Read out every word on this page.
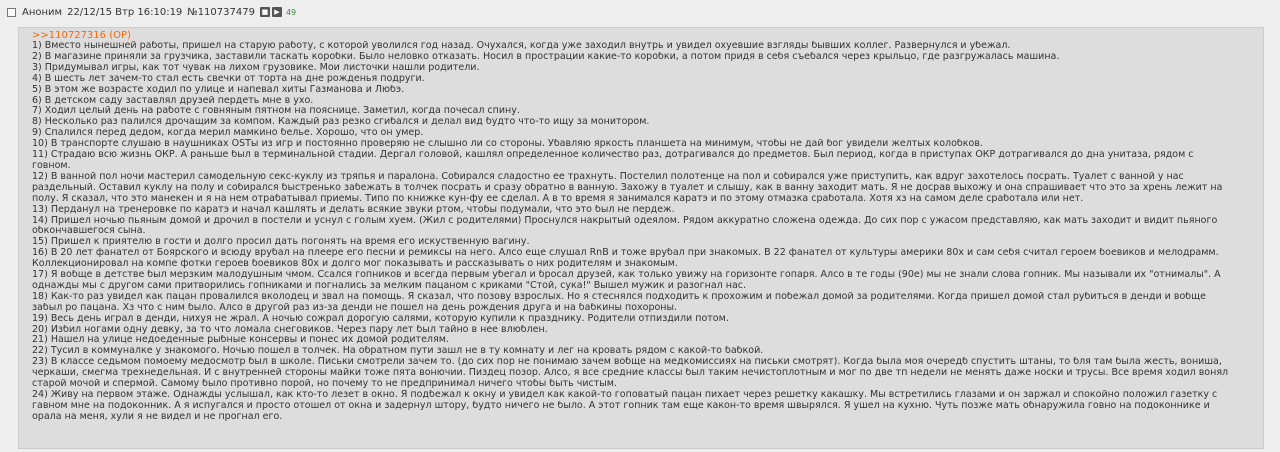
Аноним 22/12/15 Втр 16:10:19 №110737479 ■ ▶ 49
>>110727316 (OP)
1) Вместо нынешней работы, пришел на старую работу, с которой уволился год назад. Очухался, когда уже заходил внутрь и увидел охуевшие взгляды бывших коллег. Развернулся и убежал.
2) В магазине приняли за грузчика, заставили таскать коробки. Было неловко отказать. Носил в прострации какие-то коробки, а потом придя в себя съебался через крыльцо, где разгружалась машина.
3) Придумывал игры, как тот чувак на лихом грузовике. Мои листочки нашли родители.
4) В шесть лет зачем-то стал есть свечки от торта на дне рожденья подруги.
5) В этом же возрасте ходил по улице и напевал хиты Газманова и Любэ.
6) В детском саду заставлял друзей пердеть мне в ухо.
7) Ходил целый день на работе с говняным пятном на пояснице. Заметил, когда почесал спину.
8) Несколько раз палился дрочащим за компом. Каждый раз резко сгибался и делал вид будто что-то ищу за монитором.
9) Спалился перед дедом, когда мерил мамкино белье. Хорошо, что он умер.
10) В транспорте слушаю в наушниках OSTы из игр и постоянно проверяю не слышно ли со стороны. Убавляю яркость планшета на минимум, чтобы не дай бог увидели желтых колобков.
11) Страдаю всю жизнь ОКР. А раньше был в терминальной стадии. Дергал головой, кашлял определенное количество раз, дотрагивался до предметов. Был период, когда в приступах ОКР дотрагивался до дна унитаза, рядом с
говном.
12) В ванной пол ночи мастерил самодельную секс-куклу из тряпья и паралона. Собирался сладостно ее трахнуть. Постелил полотенце на пол и собирался уже приступить, как вдруг захотелось посрать. Туалет с ванной у нас
раздельный. Оставил куклу на полу и собирался быстренько забежать в толчек посрать и сразу обратно в ванную. Захожу в туалет и слышу, как в ванну заходит мать. Я не досрав выхожу и она спрашивает что это за хрень лежит на
полу. Я сказал, что это манекен и я на нем отрабатывал приемы. Типо по книжке кун-фу ее сделал. А в то время я занимался каратэ и по этому отмазка сработала. Хотя хз на самом деле сработала или нет.
13) Перданул на тренеровке по каратэ и начал кашлять и делать всякие звуки ртом, чтобы подумали, что это был не пердеж.
14) Пришел ночью пьяным домой и дрочил в постели и уснул с голым хуем. (Жил с родителями) Проснулся накрытый одеялом. Рядом аккуратно сложена одежда. До сих пор с ужасом представляю, как мать заходит и видит пьяного
обкончавшегося сына.
15) Пришел к приятелю в гости и долго просил дать погонять на время его искуственную вагину.
16) В 20 лет фанател от Боярского и всюду врубал на плеере его песни и ремиксы на него. Алсо еще слушал RnB и тоже врубал при знакомых. В 22 фанател от культуры америки 80х и сам себя считал героем боевиков и мелодрамм.
Коллекционировал на компе фотки героев боевиков 80х и долго мог показывать и рассказывать о них родителям и знакомым.
17) Я вобще в детстве был мерзким малодушным чмом. Ссался гопников и всегда первым убегал и бросал друзей, как только увижу на горизонте гопаря. Алсо в те годы (90е) мы не знали слова гопник. Мы называли их "отнималы". А
однажды мы с другом сами притворились гопниками и погнались за мелким пацаном с криками "Стой, сука!" Вышел мужик и разогнал нас.
18) Как-то раз увидел как пацан провалился вколодец и звал на помощь. Я сказал, что позову взрослых. Но я стеснялся подходить к прохожим и побежал домой за родителями. Когда пришел домой стал рубиться в денди и вобще
забыл ро пацана. Хз что с ним было. Алсо в другой раз из-за денди не пошел на день рождения друга и на бабкины похороны.
19) Весь день играл в денди, нихуя не жрал. А ночью сожрал дорогую салями, которую купили к празднику. Родители отпиздили потом.
20) Избил ногами одну девку, за то что ломала снеговиков. Через пару лет был тайно в нее влюблен.
21) Нашел на улице недоеденные рыбные консервы и понес их домой родителям.
22) Тусил в коммуналке у знакомого. Ночью пошел в толчек. На обратном пути зашл не в ту комнату и лег на кровать рядом с какой-то бабкой.
23) В классе седьмом помоему медосмотр был в школе. Письки смотрели зачем то. (до сих пор не понимаю зачем вобще на медкомиссиях на письки смотрят). Когда была моя очередб спустить штаны, то бля там была жесть, вониша,
черкаши, смегма трехнедельная. И с внутренней стороны майки тоже пята вонючии. Пиздец позор. Алсо, я все средние классы был таким нечистоплотным и мог по две тп недели не менять даже носки и трусы. Все время ходил вонял
старой мочой и спермой. Самому было противно порой, но почему то не предпринимал ничего чтобы быть чистым.
24) Живу на первом этаже. Однажды услышал, как кто-то лезет в окно. Я подбежал к окну и увидел как какой-то гоповатый пацан пихает через решетку какашку. Мы встретились глазами и он заржал и спокойно положил газетку с
гавном мне на подоконник. А я испугался и просто отошел от окна и задернул штору, будто ничего не было. А этот гопник там еще какон-то время швырялся. Я ушел на кухню. Чуть позже мать обнаружила говно на подоконнике и
орала на меня, хули я не видел и не прогнал его.
